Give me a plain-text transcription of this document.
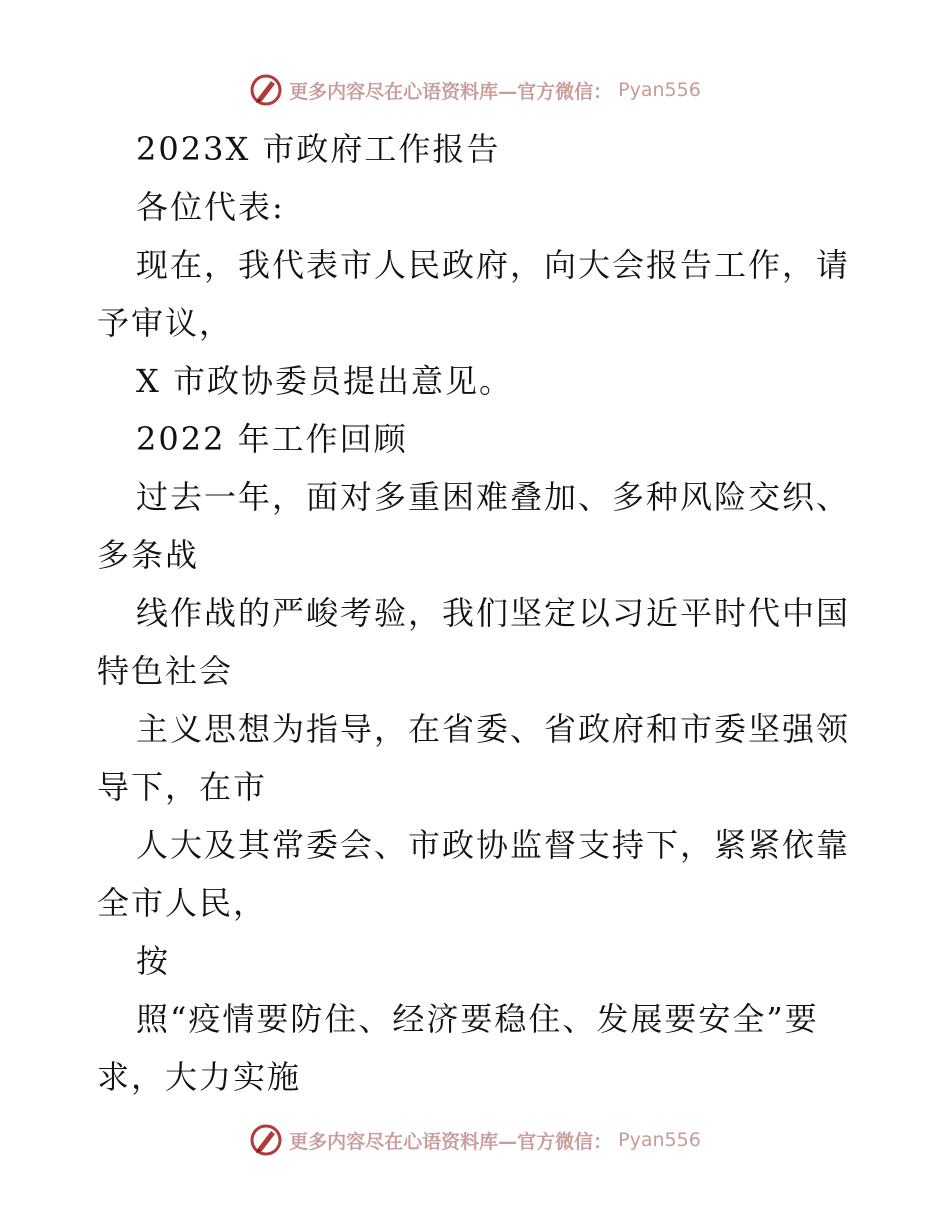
更多内容尽在心语资料库—官方微信： Pyan556
2023X 市政府工作报告
各位代表:
现在，我代表市人民政府，向大会报告工作，请
予审议，
X 市政协委员提出意见。
2022 年工作回顾
过去一年，面对多重困难叠加、多种风险交织、
多条战
线作战的严峻考验，我们坚定以习近平时代中国
特色社会
主义思想为指导，在省委、省政府和市委坚强领
导下，在市
人大及其常委会、市政协监督支持下，紧紧依靠
全市人民，
按
照“疫情要防住、经济要稳住、发展要安全”要
求，大力实施
更多内容尽在心语资料库—官方微信： Pyan556
